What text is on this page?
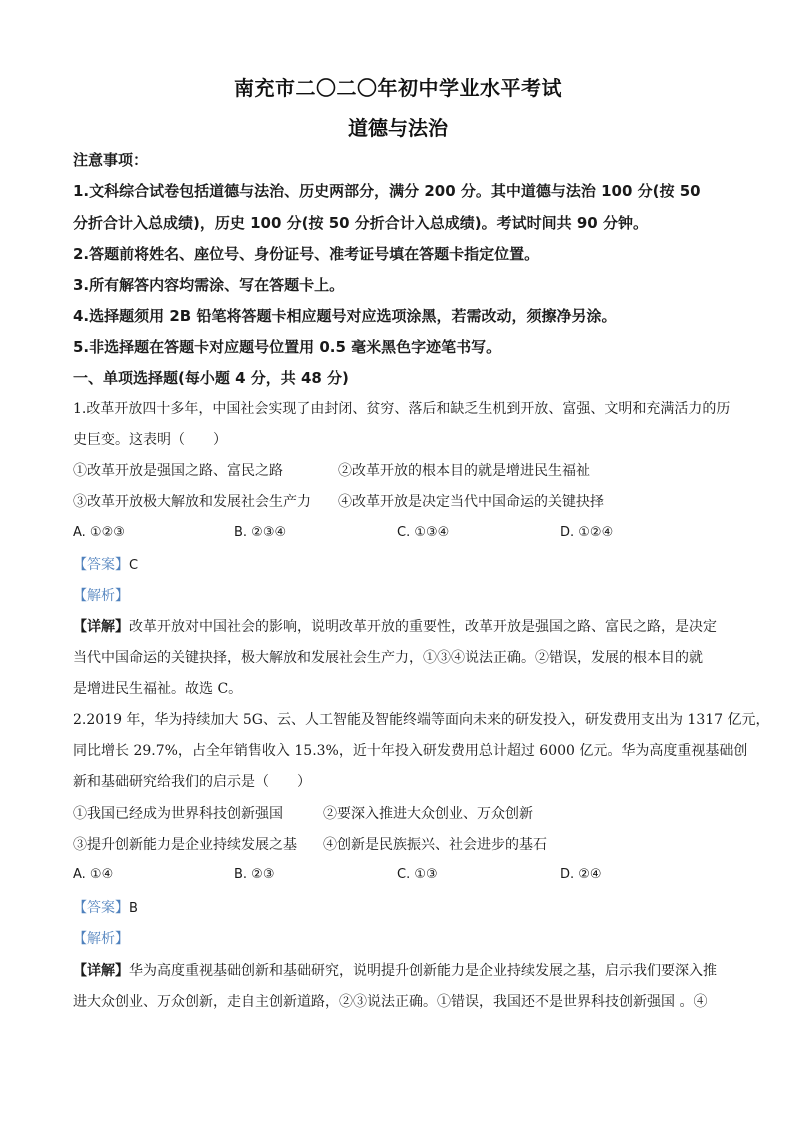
南充市二〇二〇年初中学业水平考试
道德与法治
注意事项：
1.文科综合试卷包括道德与法治、历史两部分，满分 200 分。其中道德与法治 100 分(按 50
分折合计入总成绩)，历史 100 分(按 50 分折合计入总成绩)。考试时间共 90 分钟。
2.答题前将姓名、座位号、身份证号、准考证号填在答题卡指定位置。
3.所有解答内容均需涂、写在答题卡上。
4.选择题须用 2B 铅笔将答题卡相应题号对应选项涂黑，若需改动，须擦净另涂。
5.非选择题在答题卡对应题号位置用 0.5 毫米黑色字迹笔书写。
一、单项选择题(每小题 4 分，共 48 分)
1.改革开放四十多年，中国社会实现了由封闭、贫穷、落后和缺乏生机到开放、富强、文明和充满活力的历
史巨变。这表明（　　）
①改革开放是强国之路、富民之路	②改革开放的根本目的就是增进民生福祉
③改革开放极大解放和发展社会生产力 ④改革开放是决定当代中国命运的关键抉择
A. ①②③	B. ②③④	C. ①③④	D. ①②④
【答案】C
【解析】
【详解】改革开放对中国社会的影响，说明改革开放的重要性，改革开放是强国之路、富民之路，是决定
当代中国命运的关键抉择，极大解放和发展社会生产力，①③④说法正确。②错误，发展的根本目的就
是增进民生福祉。故选 C。
2.2019 年，华为持续加大 5G、云、人工智能及智能终端等面向未来的研发投入，研发费用支出为 1317 亿元，
同比增长 29.7%，占全年销售收入 15.3%，近十年投入研发费用总计超过 6000 亿元。华为高度重视基础创
新和基础研究给我们的启示是（　　）
①我国已经成为世界科技创新强国	②要深入推进大众创业、万众创新
③提升创新能力是企业持续发展之基 ④创新是民族振兴、社会进步的基石
A. ①④	B. ②③	C. ①③	D. ②④
【答案】B
【解析】
【详解】华为高度重视基础创新和基础研究，说明提升创新能力是企业持续发展之基，启示我们要深入推
进大众创业、万众创新，走自主创新道路，②③说法正确。①错误，我国还不是世界科技创新强国 。④
